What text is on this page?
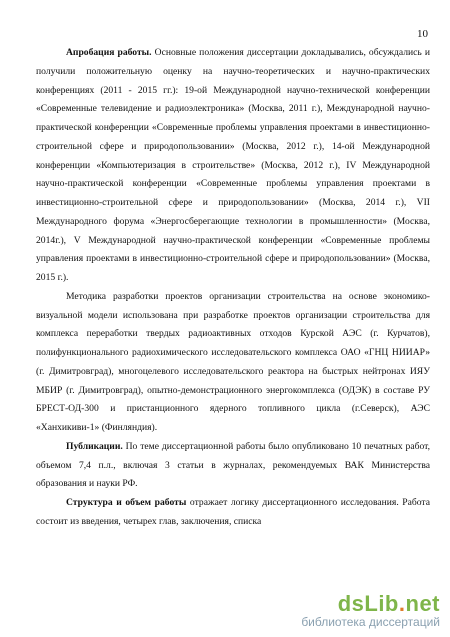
10

Апробация работы. Основные положения диссертации докладывались, обсуждались и получили положительную оценку на научно-теоретических и научно-практических конференциях (2011 - 2015 гг.): 19-ой Международной научно-технической конференции «Современные телевидение и радиоэлектроника» (Москва, 2011 г.), Международной научно-практической конференции «Современные проблемы управления проектами в инвестиционно-строительной сфере и природопользовании» (Москва, 2012 г.), 14-ой Международной конференции «Компьютеризация в строительстве» (Москва, 2012 г.), IV Международной научно-практической конференции «Современные проблемы управления проектами в инвестиционно-строительной сфере и природопользовании» (Москва, 2014 г.), VII Международного форума «Энергосберегающие технологии в промышленности» (Москва, 2014г.), V Международной научно-практической конференции «Современные проблемы управления проектами в инвестиционно-строительной сфере и природопользовании» (Москва, 2015 г.).

Методика разработки проектов организации строительства на основе экономико-визуальной модели использована при разработке проектов организации строительства для комплекса переработки твердых радиоактивных отходов Курской АЭС (г. Курчатов), полифункционального радиохимического исследовательского комплекса ОАО «ГНЦ НИИАР» (г. Димитровград), многоцелевого исследовательского реактора на быстрых нейтронах ИЯУ МБИР (г. Димитровград), опытно-демонстрационного энергокомплекса (ОДЭК) в составе РУ БРЕСТ-ОД-300 и пристанционного ядерного топливного цикла (г.Северск), АЭС «Ханхикиви-1» (Финляндия).

Публикации. По теме диссертационной работы было опубликовано 10 печатных работ, объемом 7,4 п.л., включая 3 статьи в журналах, рекомендуемых ВАК Министерства образования и науки РФ.

Структура и объем работы отражает логику диссертационного исследования. Работа состоит из введения, четырех глав, заключения, списка

dsLib.net
библиотека диссертаций
